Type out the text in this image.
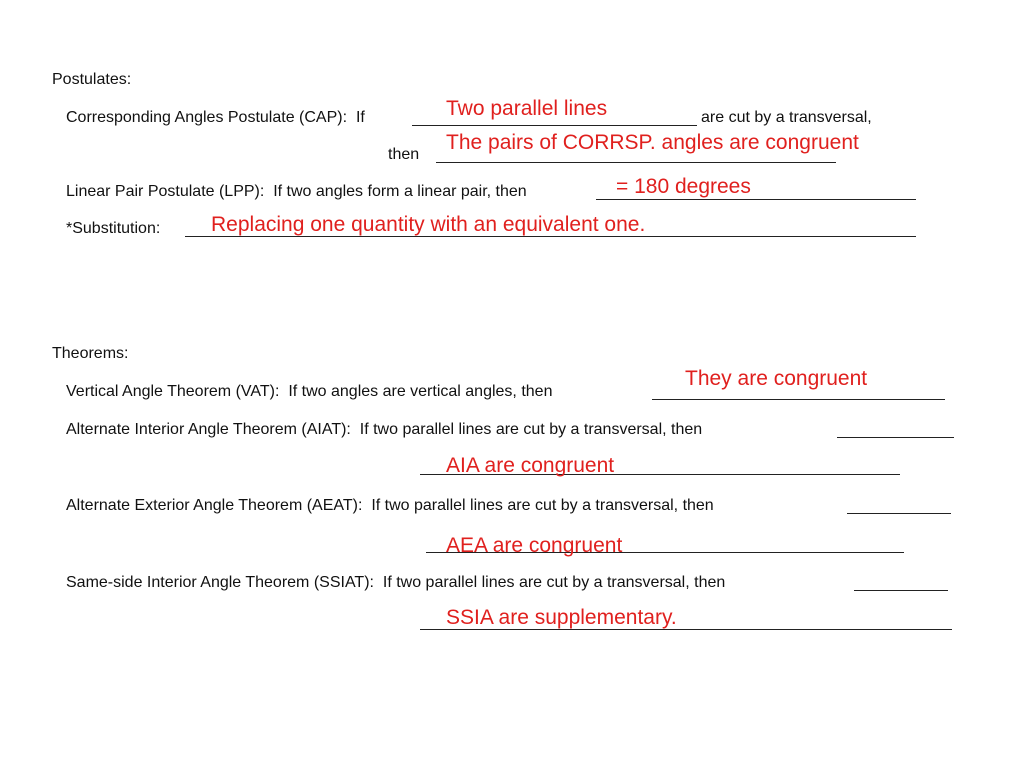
Postulates:
Corresponding Angles Postulate (CAP): If	are cut by a transversal,
Two parallel lines
then
The pairs of CORRSP. angles are congruent
Linear Pair Postulate (LPP): If two angles form a linear pair, then	= 180 degrees
*Substitution: Replacing one quantity with an equivalent one.
Theorems:
Vertical Angle Theorem (VAT): If two angles are vertical angles, then
They are congruent
Alternate Interior Angle Theorem (AIAT): If two parallel lines are cut by a transversal, then
AIA are congruent
Alternate Exterior Angle Theorem (AEAT): If two parallel lines are cut by a transversal, then
AEA are congruent
Same-side Interior Angle Theorem (SSIAT): If two parallel lines are cut by a transversal, then
SSIA are supplementary.
